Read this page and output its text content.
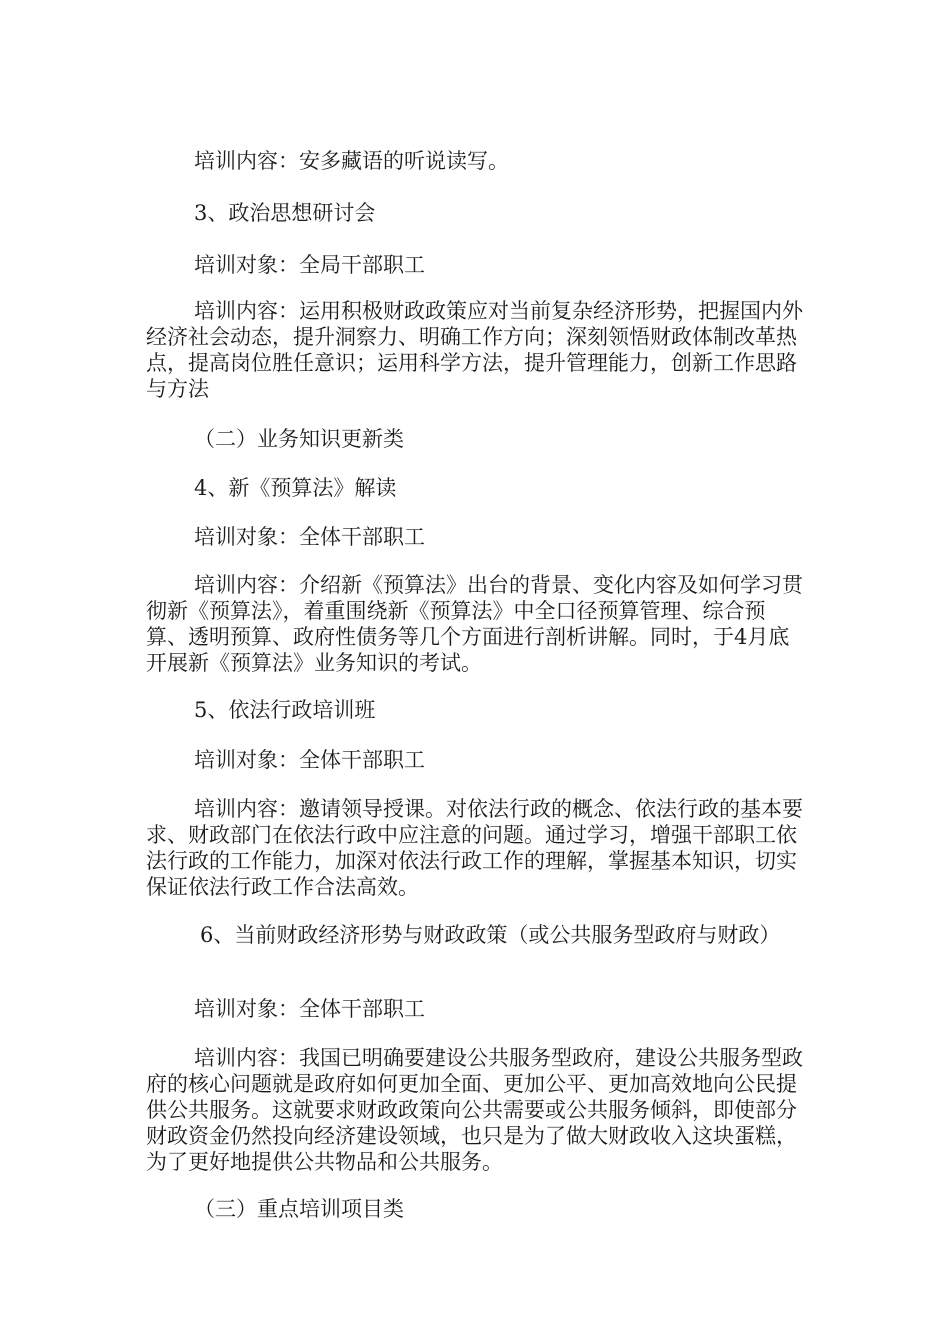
培训内容：安多藏语的听说读写。

3、政治思想研讨会

培训对象：全局干部职工

培训内容：运用积极财政政策应对当前复杂经济形势，把握国内外经济社会动态，提升洞察力、明确工作方向；深刻领悟财政体制改革热点，提高岗位胜任意识；运用科学方法，提升管理能力，创新工作思路与方法

（二）业务知识更新类

4、新《预算法》解读

培训对象：全体干部职工

培训内容：介绍新《预算法》出台的背景、变化内容及如何学习贯彻新《预算法》，着重围绕新《预算法》中全口径预算管理、综合预算、透明预算、政府性债务等几个方面进行剖析讲解。同时，于4月底开展新《预算法》业务知识的考试。

5、依法行政培训班

培训对象：全体干部职工

培训内容：邀请领导授课。对依法行政的概念、依法行政的基本要求、财政部门在依法行政中应注意的问题。通过学习，增强干部职工依法行政的工作能力，加深对依法行政工作的理解，掌握基本知识，切实保证依法行政工作合法高效。

6、当前财政经济形势与财政政策（或公共服务型政府与财政）

培训对象：全体干部职工

培训内容：我国已明确要建设公共服务型政府，建设公共服务型政府的核心问题就是政府如何更加全面、更加公平、更加高效地向公民提供公共服务。这就要求财政政策向公共需要或公共服务倾斜，即使部分财政资金仍然投向经济建设领域，也只是为了做大财政收入这块蛋糕，为了更好地提供公共物品和公共服务。

（三）重点培训项目类
